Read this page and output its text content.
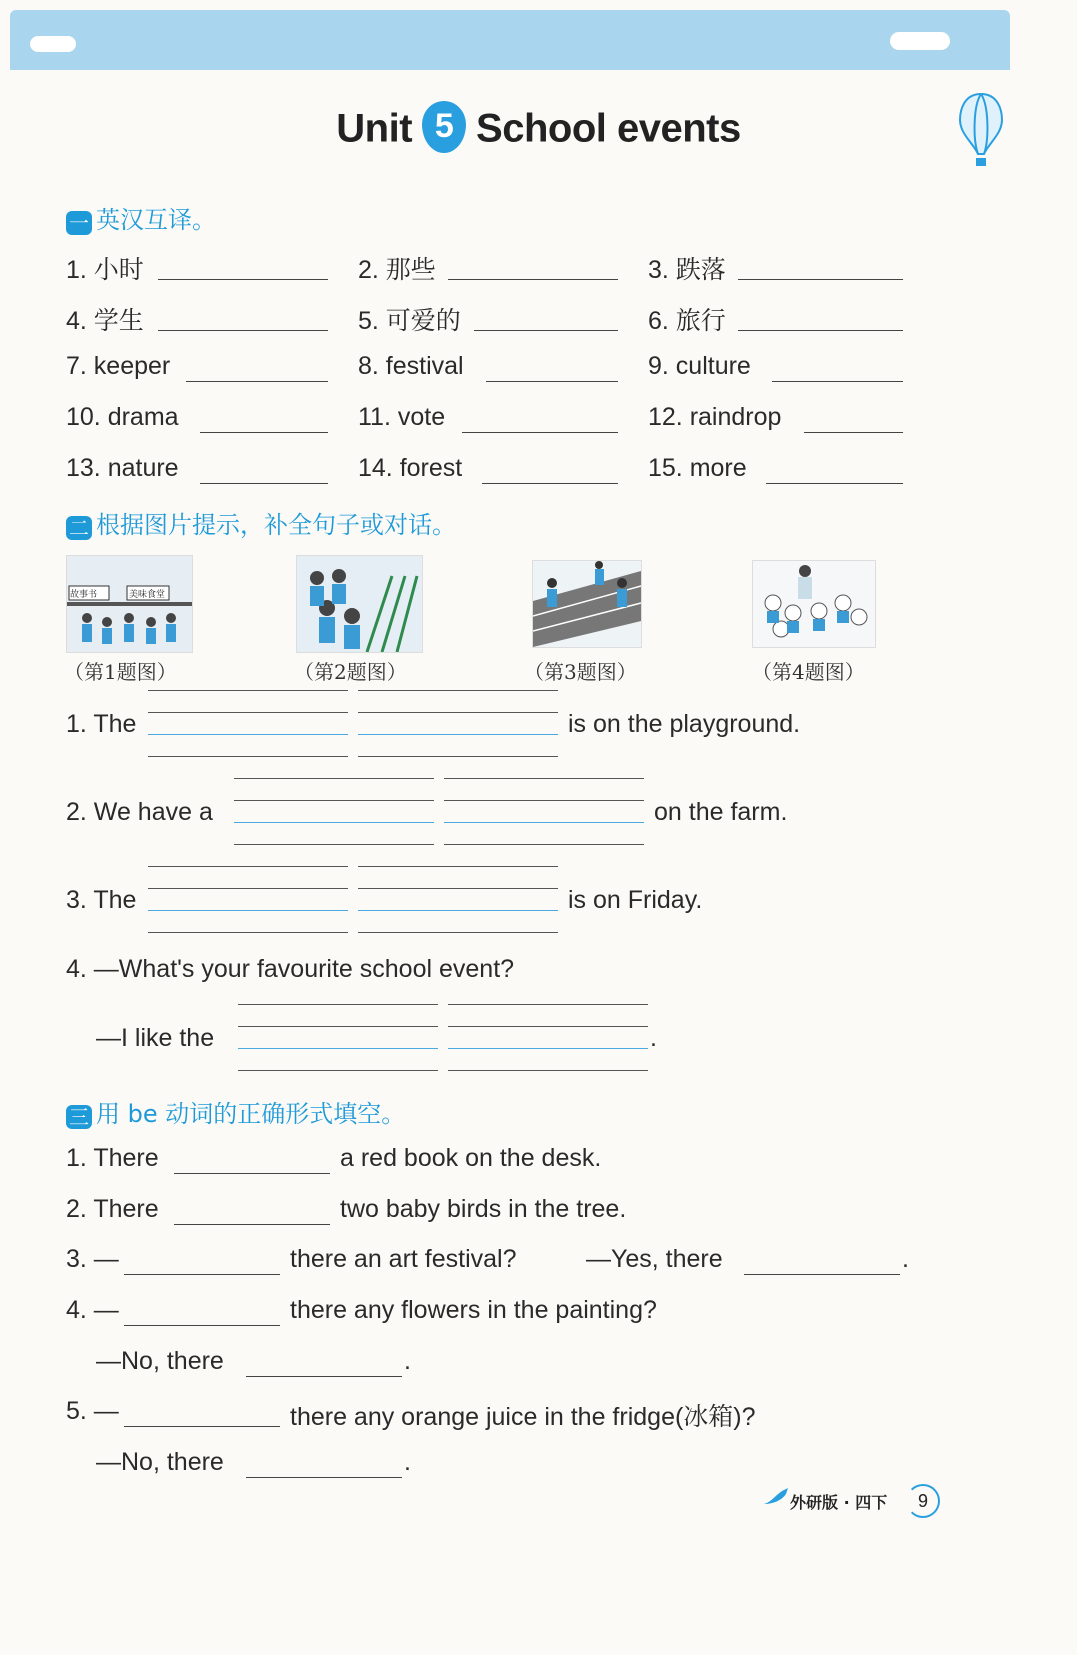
Unit 5 School events
一 英汉互译。
1. 小时	2. 那些	3. 跌落
4. 学生	5. 可爱的	6. 旅行
7. keeper	8. festival	9. culture
10. drama	11. vote	12. raindrop
13. nature	14. forest	15. more
二 根据图片提示，补全句子或对话。
故事书	美味食堂
（第1题图）	（第2题图）	（第3题图）	（第4题图）
1. The	is on the playground.
2. We have a	on the farm.
3. The	is on Friday.
4. —What's your favourite school event?
—I like the	.
三 用 be 动词的正确形式填空。
1. There	a red book on the desk.
2. There	two baby birds in the tree.
3. —	there an art festival?	—Yes, there	.
4. —	there any flowers in the painting?
—No, there	.
5. —	there any orange juice in the fridge(冰箱)?
—No, there	.
外研版 · 四下	9
